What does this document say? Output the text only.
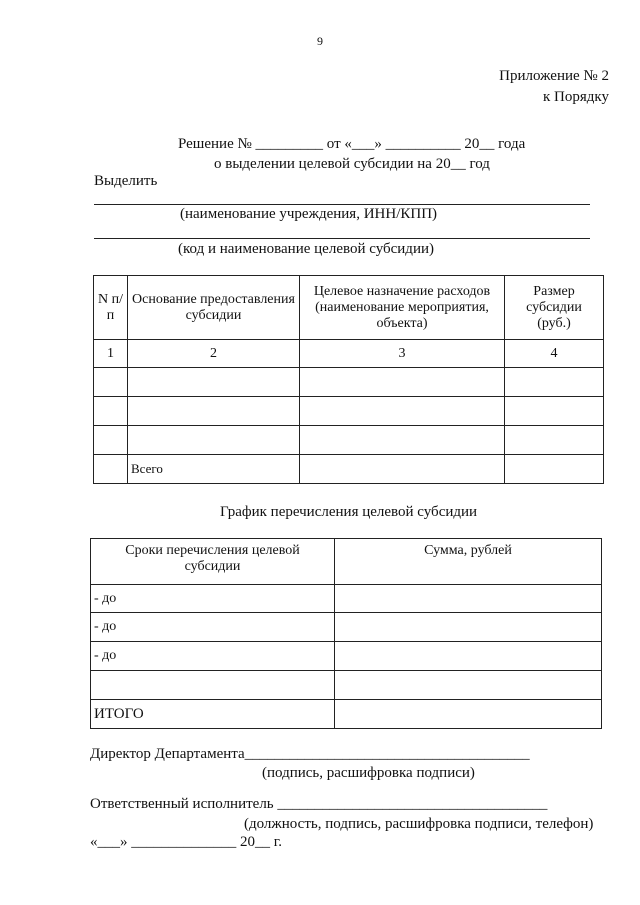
9
Приложение № 2
к Порядку
Решение № _________ от «___» __________ 20__ года
о выделении целевой субсидии на 20__ год
Выделить
(наименование учреждения, ИНН/КПП)
(код и наименование целевой субсидии)
N п/п	Основание предоставления субсидии	Целевое назначение расходов (наименование мероприятия, объекта)	Размер субсидии (руб.)
1	2	3	4

	Всего		
График перечисления целевой субсидии
Сроки перечисления целевой субсидии	Сумма, рублей
- до	
- до	
- до	

ИТОГО	
Директор Департамента______________________________________
(подпись, расшифровка подписи)
Ответственный исполнитель ____________________________________
(должность, подпись, расшифровка подписи, телефон)
«___» ______________ 20__ г.
